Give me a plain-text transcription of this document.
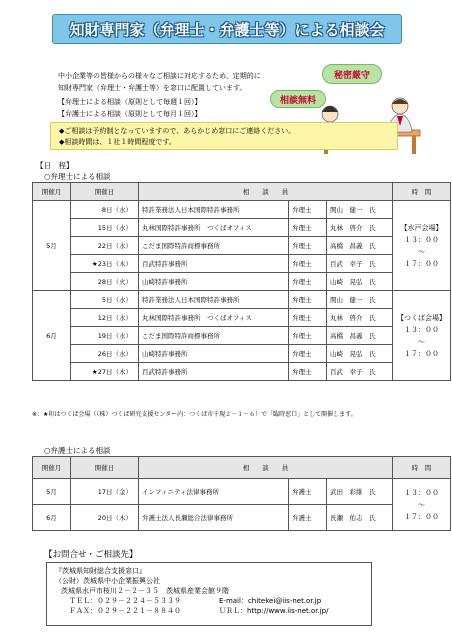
知財専門家（弁理士・弁護士等）による相談会

中小企業等の皆様からの様々なご相談に対応するため、定期的に

知財専門家（弁理士・弁護士等）を窓口に配置しています。

【弁理士による相談（原則として毎週１回）】

【弁護士による相談（原則として毎月１回）】

秘密厳守
相談無料

◆ご相談は予約制となっていますので、あらかじめ窓口にご連絡ください。

◆相談時間は、１社１時間程度です。

【日　程】
○弁理士による相談
開催月	開催日	相　　談　　員			時　間
5月	8日（水）	特許業務法人日本国際特許事務所	弁理士	関山　健一　氏	【水戸会場】
１３：００
～
１７：００

	15日（水）	丸林国際特許事務所　つくばオフィス	弁理士	丸林　啓介　氏	
	22日（水）	こだま国際特許商標事務所	弁理士	高橋　昌義　氏	
	★23日（木）	百武特許事務所	弁理士	百武　幸子　氏	
	28日（火）	山崎特許事務所	弁理士	山崎　晃弘　氏	
6月	5日（水）	特許業務法人日本国際特許事務所	弁理士	関山　健一　氏	【つくば会場】
１３：００
～
１７：００

	12日（水）	丸林国際特許事務所　つくばオフィス	弁理士	丸林　啓介　氏	
	19日（水）	こだま国際特許商標事務所	弁理士	高橋　昌義　氏	
	26日（水）	山崎特許事務所	弁理士	山崎　晃弘　氏	
	★27日（木）	百武特許事務所	弁理士	百武　幸子　氏	
※：★印はつくば会場（（株）つくば研究支援センター内：つくば市千現２－１－６）で「臨時窓口」として開催します。
○弁護士による相談
開催月	開催日	相　　談　　員			時　間
5月	17日（金）	インフィニティ法律事務所	弁護士	武田　彩維　氏	１３：００
～
１７：００

6月	20日（木）	弁護士法人長瀬総合法律事務所	弁護士	長瀬　佑志　氏	
【お問合せ・ご相談先】
『茨城県知財総合支援窓口』
（公財）茨城県中小企業振興公社
茨城県水戸市桜川２－２－３５　茨城県産業会館９階
ＴＥＬ：０２９－２２４－５３３９	E-mail：chitekei@iis-net.or.jp
ＦＡＸ：０２９－２２１－８８４０	ＵＲＬ：http://www.iis-net.or.jp/
